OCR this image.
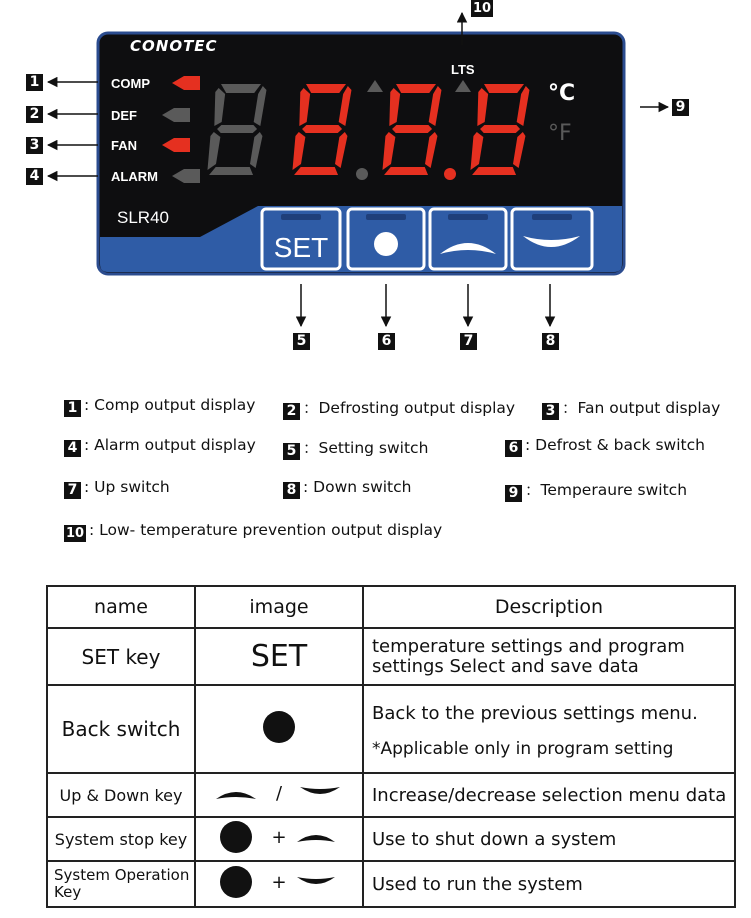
CONOTEC
SLR40
COMP
DEF
FAN
ALARM
LTS
°C
°F
SET
1
2
3
4
5	6	7	8
9
10
1 : Comp output display 2 ：Defrosting output display 3 ：Fan output display
4 : Alarm output display 5 ：Setting switch	6 : Defrost & back switch
7 : Up switch	8 : Down switch	9 ：Temperaure switch
10 : Low- temperature prevention output display
name	image	Description
SET key	SET	temperature settings and program
settings Select and save data

Back switch		Back to the previous settings menu.
*Applicable only in program setting

Up & Down key	/	Increase/decrease selection menu data
System stop key	+	Use to shut down a system

System Operation
Key	+	Used to run the system
